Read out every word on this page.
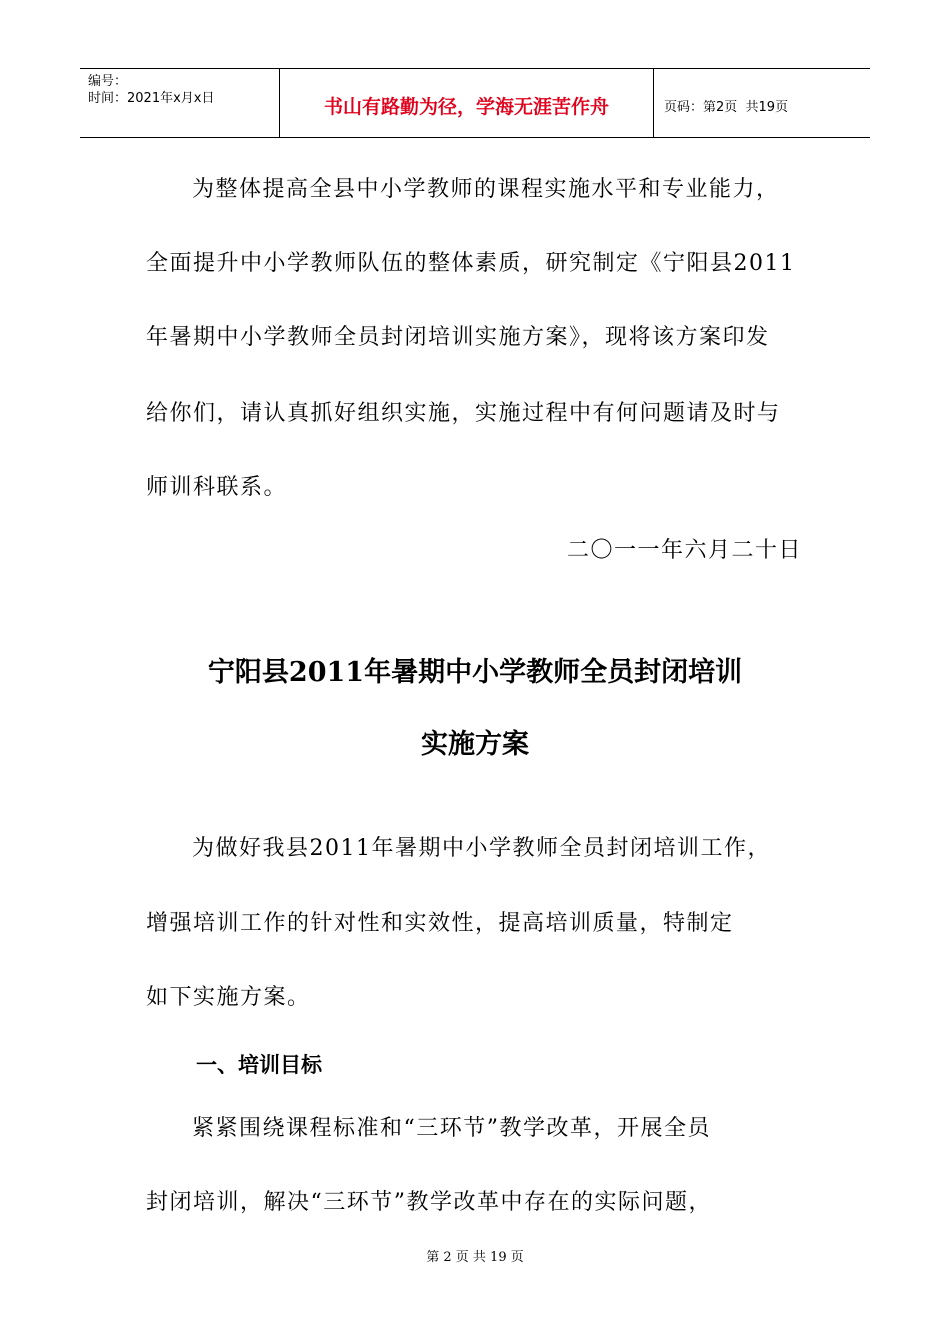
编号：
时间：2021年x月x日	书山有路勤为径，学海无涯苦作舟	页码：第2页  共19页
为整体提高全县中小学教师的课程实施水平和专业能力，
全面提升中小学教师队伍的整体素质，研究制定《宁阳县2011
年暑期中小学教师全员封闭培训实施方案》，现将该方案印发
给你们，请认真抓好组织实施，实施过程中有何问题请及时与
师训科联系。
二〇一一年六月二十日
宁阳县2011年暑期中小学教师全员封闭培训
实施方案
为做好我县2011年暑期中小学教师全员封闭培训工作，
增强培训工作的针对性和实效性，提高培训质量，特制定
如下实施方案。
一、培训目标
紧紧围绕课程标准和“三环节”教学改革，开展全员
封闭培训，解决“三环节”教学改革中存在的实际问题，
第 2 页 共 19 页
